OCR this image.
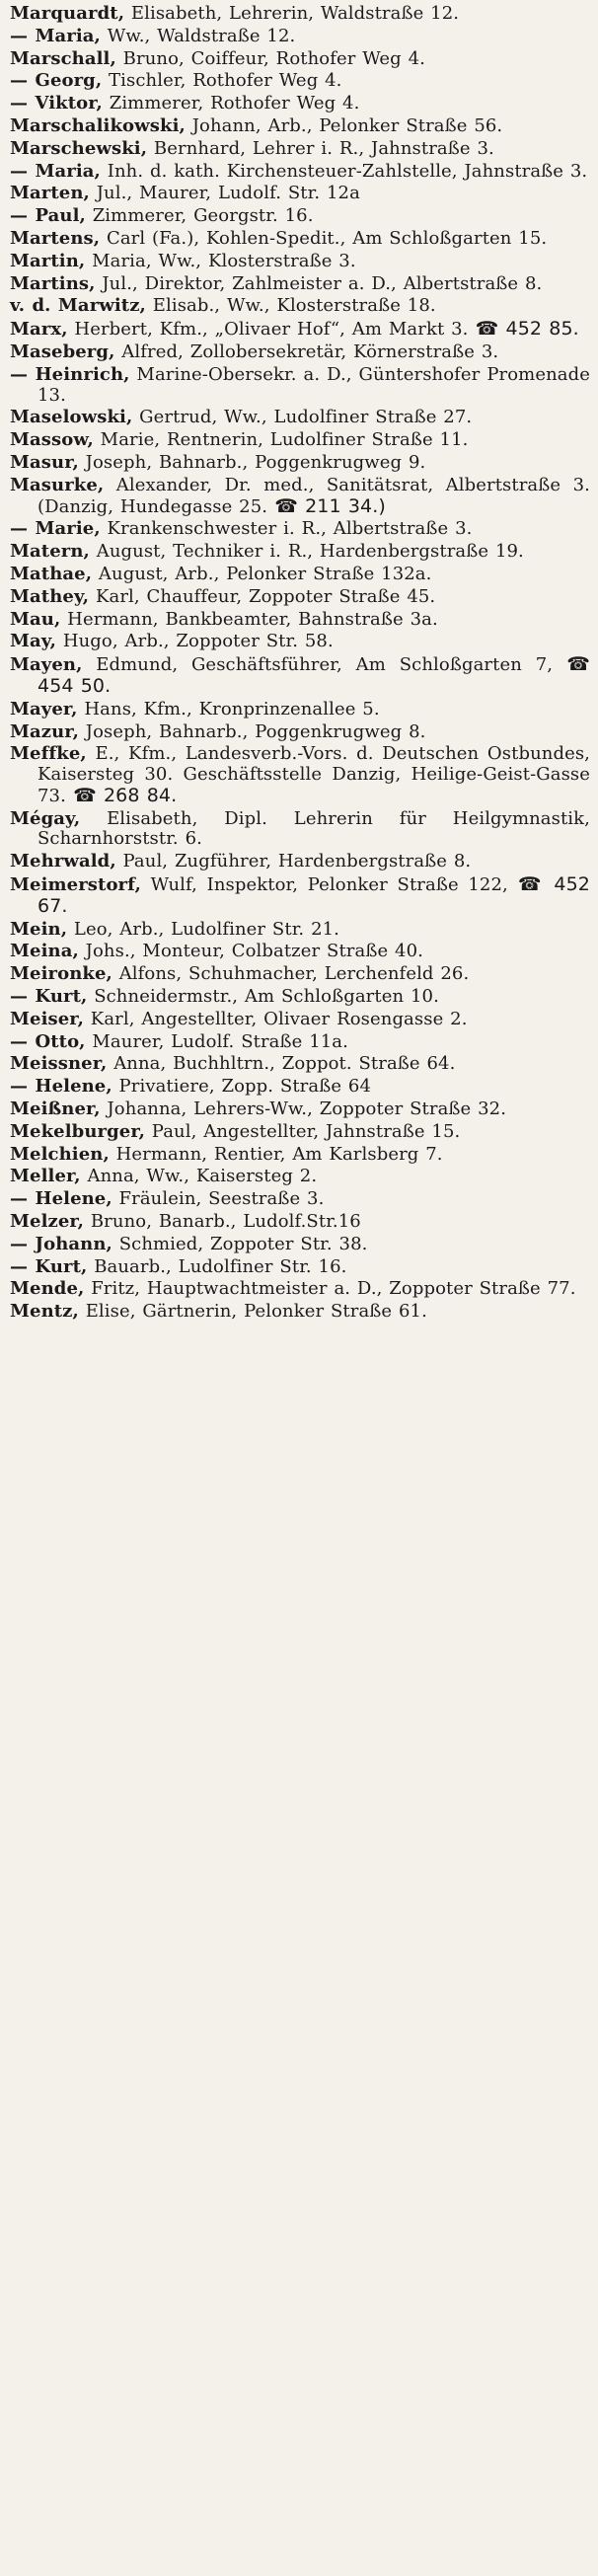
Marquardt, Elisabeth, Lehrerin, Waldstraße 12.

— Maria, Ww., Waldstraße 12.

Marschall, Bruno, Coiffeur, Rothofer Weg 4.

— Georg, Tischler, Rothofer Weg 4.

— Viktor, Zimmerer, Rothofer Weg 4.

Marschalikowski, Johann, Arb., Pelonker Straße 56.

Marschewski, Bernhard, Lehrer i. R., Jahnstraße 3.

— Maria, Inh. d. kath. Kirchensteuer-Zahlstelle, Jahnstraße 3.

Marten, Jul., Maurer, Ludolf. Str. 12a

— Paul, Zimmerer, Georgstr. 16.

Martens, Carl (Fa.), Kohlen-Spedit., Am Schloßgarten 15.

Martin, Maria, Ww., Klosterstraße 3.

Martins, Jul., Direktor, Zahlmeister a. D., Albertstraße 8.

v. d. Marwitz, Elisab., Ww., Klosterstraße 18.

Marx, Herbert, Kfm., „Olivaer Hof“, Am Markt 3. ☎ 452 85.

Maseberg, Alfred, Zollobersekretär, Körnerstraße 3.

— Heinrich, Marine-Obersekr. a. D., Güntershofer Promenade 13.

Maselowski, Gertrud, Ww., Ludolfiner Straße 27.

Massow, Marie, Rentnerin, Ludolfiner Straße 11.

Masur, Joseph, Bahnarb., Poggenkrugweg 9.

Masurke, Alexander, Dr. med., Sanitätsrat, Albertstraße 3. (Danzig, Hundegasse 25. ☎ 211 34.)

— Marie, Krankenschwester i. R., Albertstraße 3.

Matern, August, Techniker i. R., Hardenbergstraße 19.

Mathae, August, Arb., Pelonker Straße 132a.

Mathey, Karl, Chauffeur, Zoppoter Straße 45.

Mau, Hermann, Bankbeamter, Bahnstraße 3a.

May, Hugo, Arb., Zoppoter Str. 58.

Mayen, Edmund, Geschäftsführer, Am Schloßgarten 7, ☎ 454 50.

Mayer, Hans, Kfm., Kronprinzenallee 5.

Mazur, Joseph, Bahnarb., Poggenkrugweg 8.

Meffke, E., Kfm., Landesverb.-Vors. d. Deutschen Ostbundes, Kaisersteg 30. Geschäftsstelle Danzig, Heilige-Geist-Gasse 73. ☎ 268 84.

Mégay, Elisabeth, Dipl. Lehrerin für Heilgymnastik, Scharnhorststr. 6.

Mehrwald, Paul, Zugführer, Hardenbergstraße 8.

Meimerstorf, Wulf, Inspektor, Pelonker Straße 122, ☎ 452 67.

Mein, Leo, Arb., Ludolfiner Str. 21.

Meina, Johs., Monteur, Colbatzer Straße 40.

Meironke, Alfons, Schuhmacher, Lerchenfeld 26.

— Kurt, Schneidermstr., Am Schloßgarten 10.

Meiser, Karl, Angestellter, Olivaer Rosengasse 2.

— Otto, Maurer, Ludolf. Straße 11a.

Meissner, Anna, Buchhltrn., Zoppot. Straße 64.

— Helene, Privatiere, Zopp. Straße 64

Meißner, Johanna, Lehrers-Ww., Zoppoter Straße 32.

Mekelburger, Paul, Angestellter, Jahnstraße 15.

Melchien, Hermann, Rentier, Am Karlsberg 7.

Meller, Anna, Ww., Kaisersteg 2.

— Helene, Fräulein, Seestraße 3.

Melzer, Bruno, Banarb., Ludolf.Str.16

— Johann, Schmied, Zoppoter Str. 38.

— Kurt, Bauarb., Ludolfiner Str. 16.

Mende, Fritz, Hauptwachtmeister a. D., Zoppoter Straße 77.

Mentz, Elise, Gärtnerin, Pelonker Straße 61.
